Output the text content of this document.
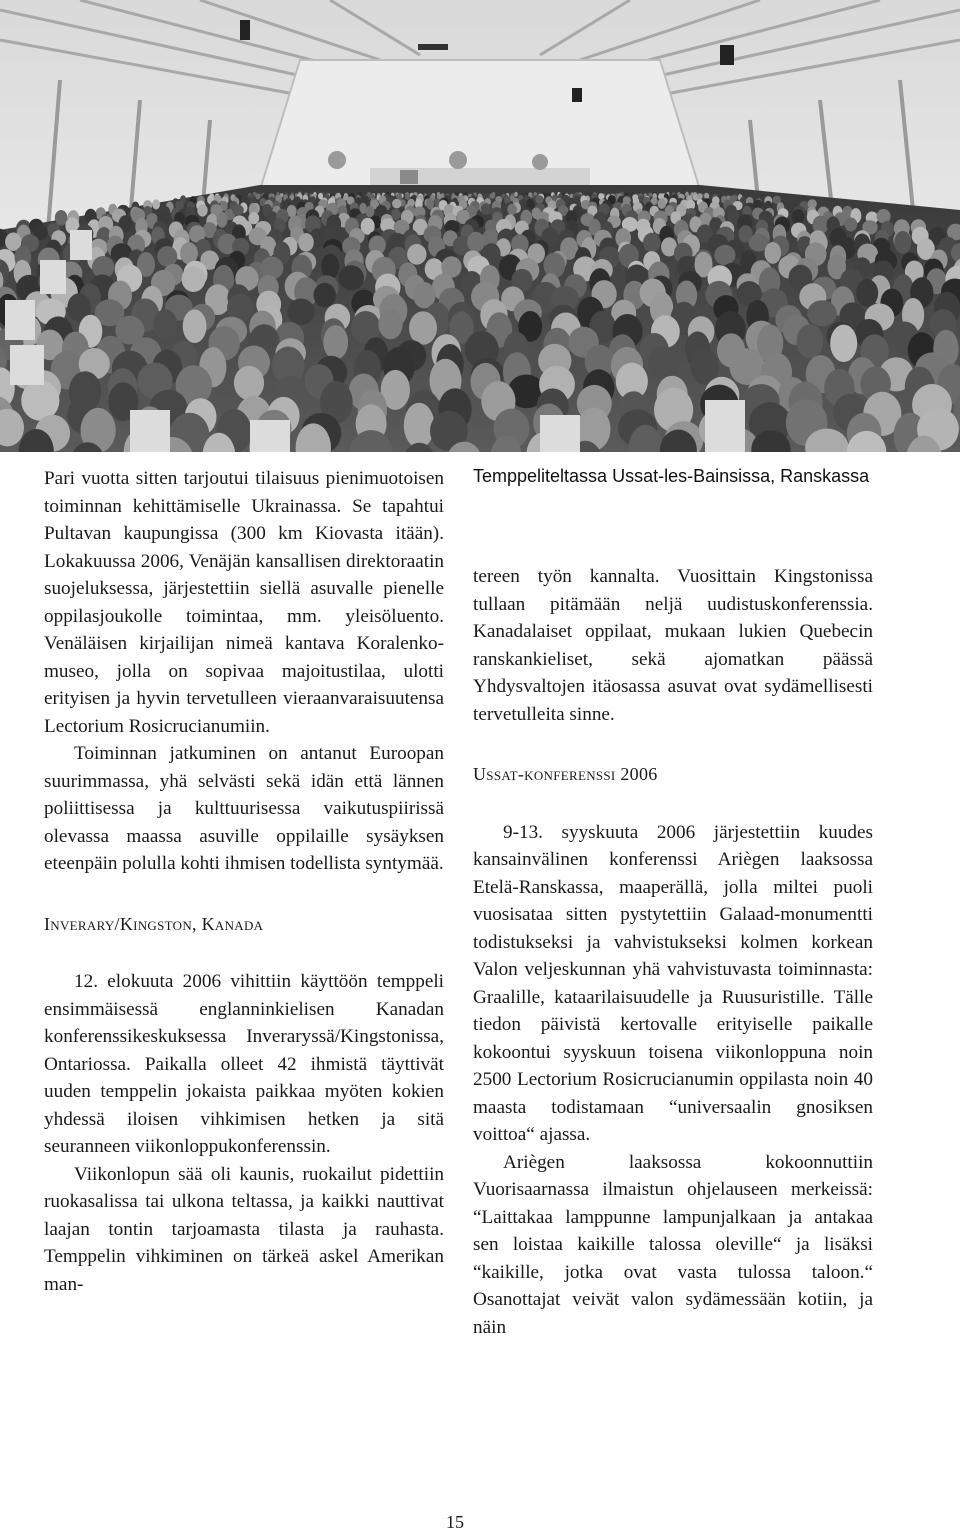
Pari vuotta sitten tarjoutui tilaisuus pienimuotoisen toiminnan kehittämiselle Ukrainassa. Se tapahtui Pultavan kaupungissa (300 km Kiovasta itään). Lokakuussa 2006, Venäjän kansallisen direktoraatin suojeluksessa, järjestettiin siellä asuvalle pienelle oppilasjoukolle toimintaa, mm. yleisöluento. Venäläisen kirjailijan nimeä kantava Koralenko-museo, jolla on sopivaa majoitustilaa, ulotti erityisen ja hyvin tervetulleen vieraanvaraisuutensa Lectorium Rosicrucianumiin.

Toiminnan jatkuminen on antanut Euroopan suurimmassa, yhä selvästi sekä idän että lännen poliittisessa ja kulttuurisessa vaikutuspiirissä olevassa maassa asuville oppilaille sysäyksen eteenpäin polulla kohti ihmisen todellista syntymää.

Inverary/Kingston, Kanada

12. elokuuta 2006 vihittiin käyttöön temppeli ensimmäisessä englanninkielisen Kanadan konferenssikeskuksessa Inveraryssä/Kingstonissa, Ontariossa. Paikalla olleet 42 ihmistä täyttivät uuden temppelin jokaista paikkaa myöten kokien yhdessä iloisen vihkimisen hetken ja sitä seuranneen viikonloppukonferenssin.

Viikonlopun sää oli kaunis, ruokailut pidettiin ruokasalissa tai ulkona teltassa, ja kaikki nauttivat laajan tontin tarjoamasta tilasta ja rauhasta. Temppelin vihkiminen on tärkeä askel Amerikan man-

Temppeliteltassa Ussat-les-Bainsissa, Ranskassa

tereen työn kannalta. Vuosittain Kingstonissa tullaan pitämään neljä uudistuskonferenssia. Kanadalaiset oppilaat, mukaan lukien Quebecin ranskankieliset, sekä ajomatkan päässä Yhdysvaltojen itäosassa asuvat ovat sydämellisesti tervetulleita sinne.

Ussat-konferenssi 2006

9-13. syyskuuta 2006 järjestettiin kuudes kansainvälinen konferenssi Ariègen laaksossa Etelä-Ranskassa, maaperällä, jolla miltei puoli vuosisataa sitten pystytettiin Galaad-monumentti todistukseksi ja vahvistukseksi kolmen korkean Valon veljeskunnan yhä vahvistuvasta toiminnasta: Graalille, kataarilaisuudelle ja Ruusuristille. Tälle tiedon päivistä kertovalle erityiselle paikalle kokoontui syyskuun toisena viikonloppuna noin 2500 Lectorium Rosicrucianumin oppilasta noin 40 maasta todistamaan “universaalin gnosiksen voittoa“ ajassa.

Ariègen laaksossa kokoonnuttiin Vuorisaarnassa ilmaistun ohjelauseen merkeissä: “Laittakaa lamppunne lampunjalkaan ja antakaa sen loistaa kaikille talossa oleville“ ja lisäksi “kaikille, jotka ovat vasta tulossa taloon.“ Osanottajat veivät valon sydämessään kotiin, ja näin

15
